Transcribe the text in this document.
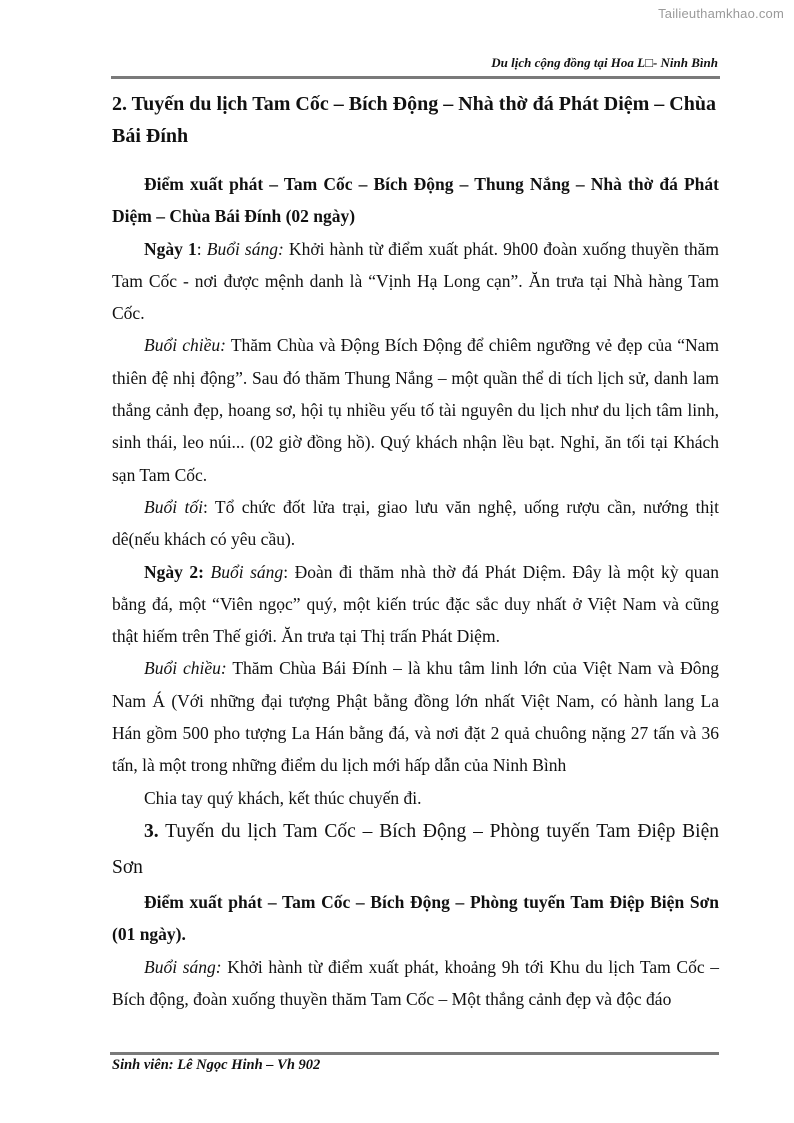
Tailieuthamkhao.com
Du lịch cộng đồng tại Hoa L□- Ninh Bình

2. Tuyến du lịch Tam Cốc – Bích Động – Nhà thờ đá Phát Diệm – Chùa Bái Đính

Điểm xuất phát – Tam Cốc – Bích Động – Thung Nắng – Nhà thờ đá Phát Diệm – Chùa Bái Đính (02 ngày)

Ngày 1: Buổi sáng: Khởi hành từ điểm xuất phát. 9h00 đoàn xuống thuyền thăm Tam Cốc - nơi được mệnh danh là “Vịnh Hạ Long cạn”. Ăn trưa tại Nhà hàng Tam Cốc.

Buổi chiều: Thăm Chùa và Động Bích Động để chiêm ngưỡng vẻ đẹp của “Nam thiên đệ nhị động”. Sau đó thăm Thung Nắng – một quần thể di tích lịch sử, danh lam thắng cảnh đẹp, hoang sơ, hội tụ nhiều yếu tố tài nguyên du lịch như du lịch tâm linh, sinh thái, leo núi... (02 giờ đồng hồ). Quý khách nhận lều bạt. Nghỉ, ăn tối tại Khách sạn Tam Cốc.

Buổi tối: Tổ chức đốt lửa trại, giao lưu văn nghệ, uống rượu cần, nướng thịt dê(nếu khách có yêu cầu).

Ngày 2: Buổi sáng: Đoàn đi thăm nhà thờ đá Phát Diệm. Đây là một kỳ quan bằng đá, một “Viên ngọc” quý, một kiến trúc đặc sắc duy nhất ở Việt Nam và cũng thật hiếm trên Thế giới. Ăn trưa tại Thị trấn Phát Diệm.

Buổi chiều: Thăm Chùa Bái Đính – là khu tâm linh lớn của Việt Nam và Đông Nam Á (Với những đại tượng Phật bằng đồng lớn nhất Việt Nam, có hành lang La Hán gồm 500 pho tượng La Hán bằng đá, và nơi đặt 2 quả chuông nặng 27 tấn và 36 tấn, là một trong những điểm du lịch mới hấp dẫn của Ninh Bình

Chia tay quý khách, kết thúc chuyến đi.

3. Tuyến du lịch Tam Cốc – Bích Động – Phòng tuyến Tam Điệp Biện Sơn

Điểm xuất phát – Tam Cốc – Bích Động – Phòng tuyến Tam Điệp Biện Sơn (01 ngày).

Buổi sáng: Khởi hành từ điểm xuất phát, khoảng 9h tới Khu du lịch Tam Cốc – Bích động, đoàn xuống thuyền thăm Tam Cốc – Một thắng cảnh đẹp và độc đáo

Sinh viên: Lê Ngọc Hinh – Vh 902
